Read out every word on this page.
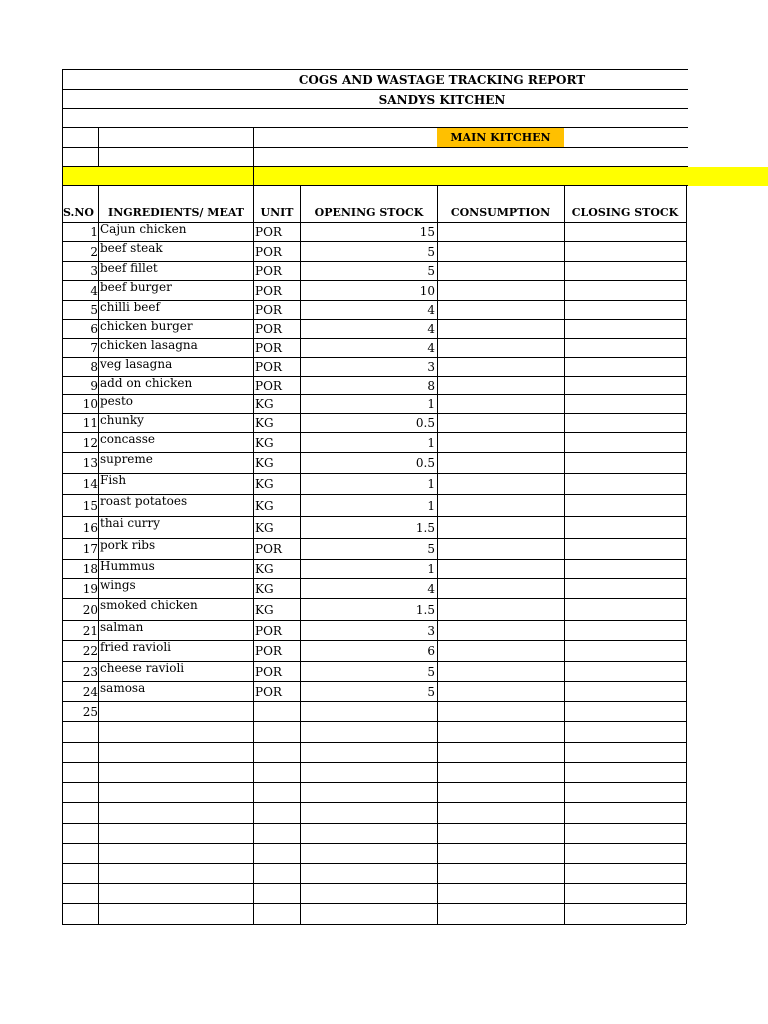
COGS AND WASTAGE TRACKING REPORT
SANDYS KITCHEN
MAIN KITCHEN
S.NO	INGREDIENTS/ MEAT	UNIT	OPENING STOCK	CONSUMPTION	CLOSING STOCK
1 Cajun chicken	POR	15
2 beef steak	POR	5
3 beef fillet	POR	5
4 beef burger	POR	10
5 chilli beef	POR	4
6 chicken burger	POR	4
7 chicken lasagna	POR	4
8 veg lasagna	POR	3
9 add on chicken	POR	8
10 pesto	KG	1
11 chunky	KG	0.5
12 concasse	KG	1
13 supreme	KG	0.5
14 Fish	KG	1
15 roast potatoes	KG	1
16 thai curry	KG	1.5
17 pork ribs	POR	5
18 Hummus	KG	1
19 wings	KG	4
20 smoked chicken	KG	1.5
21 salman	POR	3
22 fried ravioli	POR	6
23 cheese ravioli	POR	5
24 samosa	POR	5
25
